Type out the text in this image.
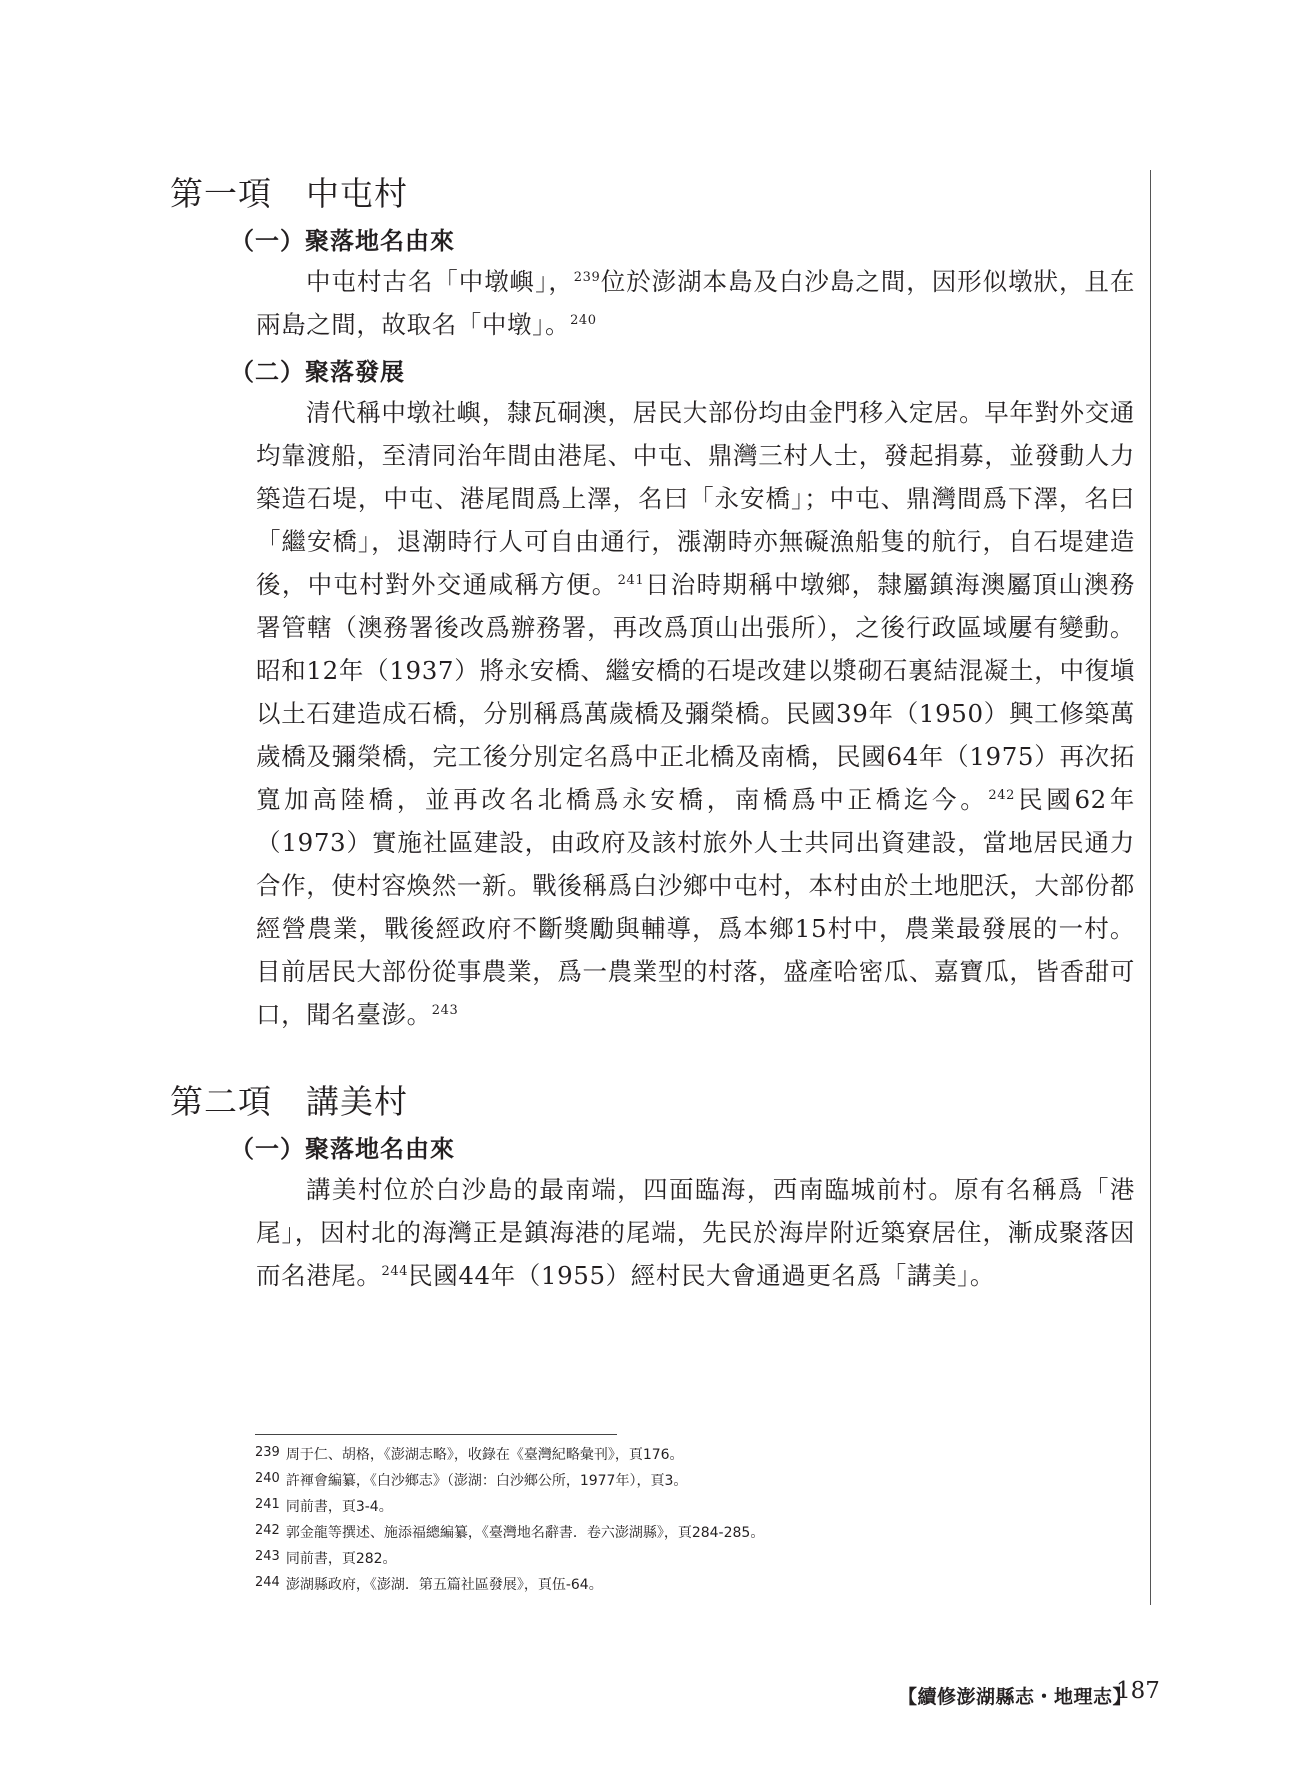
第一項 中屯村
（一）聚落地名由來

中屯村古名「中墩嶼」，$^{239}$位於澎湖本島及白沙島之間，因形似墩狀，且在兩島之間，故取名「中墩」。$^{240}$

（二）聚落發展

清代稱中墩社嶼，隸瓦硐澳，居民大部份均由金門移入定居。早年對外交通均靠渡船，至清同治年間由港尾、中屯、鼎灣三村人士，發起捐募，並發動人力築造石堤，中屯、港尾間爲上澤，名曰「永安橋」；中屯、鼎灣間爲下澤，名曰「繼安橋」，退潮時行人可自由通行，漲潮時亦無礙漁船隻的航行，自石堤建造後，中屯村對外交通咸稱方便。$^{241}$日治時期稱中墩鄉，隸屬鎮海澳屬頂山澳務署管轄（澳務署後改爲辦務署，再改爲頂山出張所），之後行政區域屢有變動。昭和12年（1937）將永安橋、繼安橋的石堤改建以漿砌石裏結混凝土，中復塡以土石建造成石橋，分別稱爲萬歲橋及彌榮橋。民國39年（1950）興工修築萬歲橋及彌榮橋，完工後分別定名爲中正北橋及南橋，民國64年（1975）再次拓寬加高陸橋，並再改名北橋爲永安橋，南橋爲中正橋迄今。$^{242}$民國62年（1973）實施社區建設，由政府及該村旅外人士共同出資建設，當地居民通力合作，使村容煥然一新。戰後稱爲白沙鄉中屯村，本村由於土地肥沃，大部份都經營農業，戰後經政府不斷獎勵與輔導，爲本鄉15村中，農業最發展的一村。目前居民大部份從事農業，爲一農業型的村落，盛產哈密瓜、嘉寶瓜，皆香甜可口，聞名臺澎。$^{243}$

第二項 講美村
（一）聚落地名由來

講美村位於白沙島的最南端，四面臨海，西南臨城前村。原有名稱爲「港尾」，因村北的海灣正是鎮海港的尾端，先民於海岸附近築寮居住，漸成聚落因而名港尾。$^{244}$民國44年（1955）經村民大會通過更名爲「講美」。

239 周于仁、胡格，《澎湖志略》，收錄在《臺灣紀略彙刊》，頁176。
240 許褌會編纂，《白沙鄉志》（澎湖：白沙鄉公所，1977年），頁3。
241 同前書，頁3-4。
242 郭金龍等撰述、施添福總編纂，《臺灣地名辭書．卷六澎湖縣》，頁284-285。
243 同前書，頁282。
244 澎湖縣政府，《澎湖．第五篇社區發展》，頁伍-64。
【續修澎湖縣志・地理志】
187
